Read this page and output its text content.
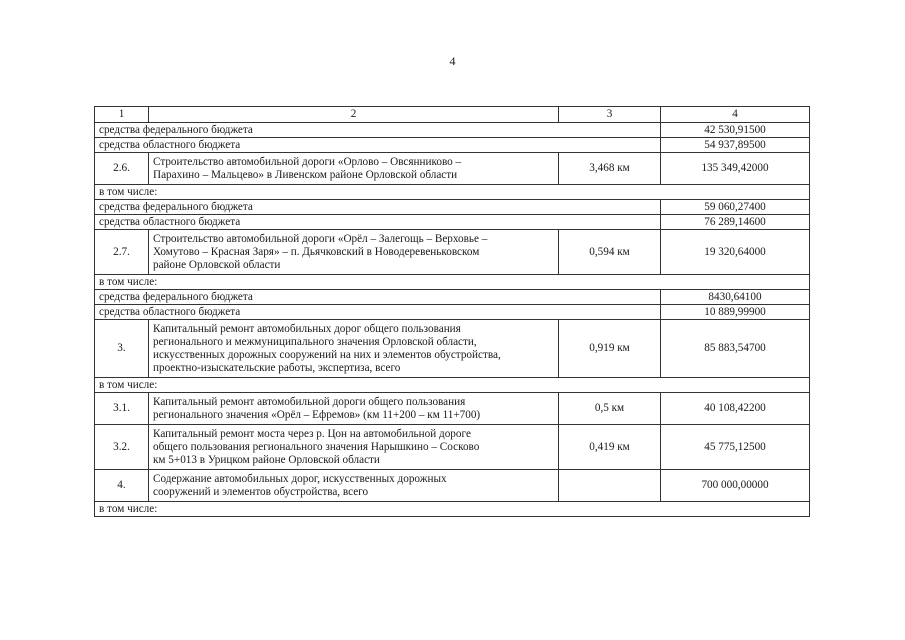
4
1	2	3	4
средства федерального бюджета			42 530,91500
средства областного бюджета			54 937,89500
2.6.	Строительство автомобильной дороги «Орлово – Овсянниково –
Парахино – Мальцево» в Ливенском районе Орловской области	3,468 км	135 349,42000
в том числе:			
средства федерального бюджета			59 060,27400
средства областного бюджета			76 289,14600
2.7.	Строительство автомобильной дороги «Орёл – Залегощь – Верховье –
Хомутово – Красная Заря» – п. Дьячковский в Новодеревеньковском
районе Орловской области	0,594 км	19 320,64000
в том числе:			
средства федерального бюджета			8430,64100
средства областного бюджета			10 889,99900
3.	Капитальный ремонт автомобильных дорог общего пользования
регионального и межмуниципального значения Орловской области,
искусственных дорожных сооружений на них и элементов обустройства,
проектно-изыскательские работы, экспертиза, всего	0,919 км	85 883,54700
в том числе:			
3.1.	Капитальный ремонт автомобильной дороги общего пользования
регионального значения «Орёл – Ефремов» (км 11+200 – км 11+700)	0,5 км	40 108,42200
3.2.	Капитальный ремонт моста через р. Цон на автомобильной дороге
общего пользования регионального значения Нарышкино – Сосково
км 5+013 в Урицком районе Орловской области	0,419 км	45 775,12500
4.	Содержание автомобильных дорог, искусственных дорожных
сооружений и элементов обустройства, всего		700 000,00000
в том числе:			
